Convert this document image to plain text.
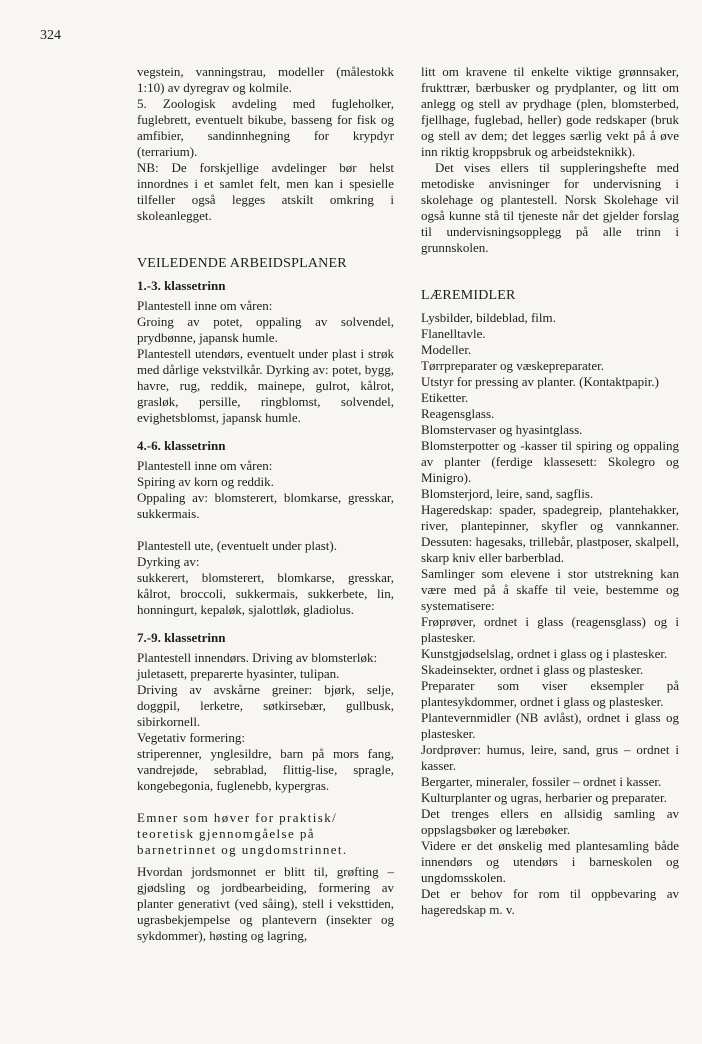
324

vegstein, vanningstrau, modeller (målestokk 1:10) av dyregrav og kolmile.

5. Zoologisk avdeling med fugleholker, fuglebrett, eventuelt bikube, basseng for fisk og amfibier, sandinnhegning for krypdyr (terrarium).

NB: De forskjellige avdelinger bør helst innordnes i et samlet felt, men kan i spesielle tilfeller også legges atskilt omkring i skoleanlegget.

VEILEDENDE ARBEIDSPLANER

1.-3. klassetrinn

Plantestell inne om våren:

Groing av potet, oppaling av solvendel, prydbønne, japansk humle.

Plantestell utendørs, eventuelt under plast i strøk med dårlige vekstvilkår. Dyrking av: potet, bygg, havre, rug, reddik, mainepe, gulrot, kålrot, grasløk, persille, ringblomst, solvendel, evighetsblomst, japansk humle.

4.-6. klassetrinn

Plantestell inne om våren:

Spiring av korn og reddik.

Oppaling av: blomsterert, blomkarse, gresskar, sukkermais.

Plantestell ute, (eventuelt under plast).

Dyrking av:

sukkerert, blomsterert, blomkarse, gresskar, kålrot, broccoli, sukkermais, sukkerbete, lin, honningurt, kepaløk, sjalottløk, gladiolus.

7.-9. klassetrinn

Plantestell innendørs. Driving av blomsterløk:

juletasett, preparerte hyasinter, tulipan.

Driving av avskårne greiner: bjørk, selje, doggpil, lerketre, søtkirsebær, gullbusk, sibirkornell.

Vegetativ formering:

striperenner, ynglesildre, barn på mors fang, vandrejøde, sebrablad, flittig-lise, spragle, kongebegonia, fuglenebb, kypergras.

Emner som høver for praktisk/ teoretisk gjennomgåelse på barnetrinnet og ungdomstrinnet.

Hvordan jordsmonnet er blitt til, grøfting – gjødsling og jordbearbeiding, formering av planter generativt (ved såing), stell i veksttiden, ugrasbekjempelse og plantevern (insekter og sykdommer), høsting og lagring,

litt om kravene til enkelte viktige grønnsaker, frukttrær, bærbusker og prydplanter, og litt om anlegg og stell av prydhage (plen, blomsterbed, fjellhage, fuglebad, heller) gode redskaper (bruk og stell av dem; det legges særlig vekt på å øve inn riktig kroppsbruk og arbeidsteknikk).

Det vises ellers til suppleringshefte med metodiske anvisninger for undervisning i skolehage og plantestell. Norsk Skolehage vil også kunne stå til tjeneste når det gjelder forslag til undervisningsopplegg på alle trinn i grunnskolen.

LÆREMIDLER

Lysbilder, bildeblad, film.

Flanelltavle.

Modeller.

Tørrpreparater og væskepreparater.

Utstyr for pressing av planter. (Kontaktpapir.)

Etiketter.

Reagensglass.

Blomstervaser og hyasintglass.

Blomsterpotter og -kasser til spiring og oppaling av planter (ferdige klassesett: Skolegro og Minigro).

Blomsterjord, leire, sand, sagflis.

Hageredskap: spader, spadegreip, plantehakker, river, plantepinner, skyfler og vannkanner. Dessuten: hagesaks, trillebår, plastposer, skalpell, skarp kniv eller barberblad.

Samlinger som elevene i stor utstrekning kan være med på å skaffe til veie, bestemme og systematisere:

Frøprøver, ordnet i glass (reagensglass) og i plastesker.

Kunstgjødselslag, ordnet i glass og i plastesker.

Skadeinsekter, ordnet i glass og plastesker.

Preparater som viser eksempler på plantesykdommer, ordnet i glass og plastesker.

Plantevernmidler (NB avlåst), ordnet i glass og plastesker.

Jordprøver: humus, leire, sand, grus – ordnet i kasser.

Bergarter, mineraler, fossiler – ordnet i kasser.

Kulturplanter og ugras, herbarier og preparater.

Det trenges ellers en allsidig samling av oppslagsbøker og lærebøker.

Videre er det ønskelig med plantesamling både innendørs og utendørs i barneskolen og ungdomsskolen.

Det er behov for rom til oppbevaring av hageredskap m. v.
